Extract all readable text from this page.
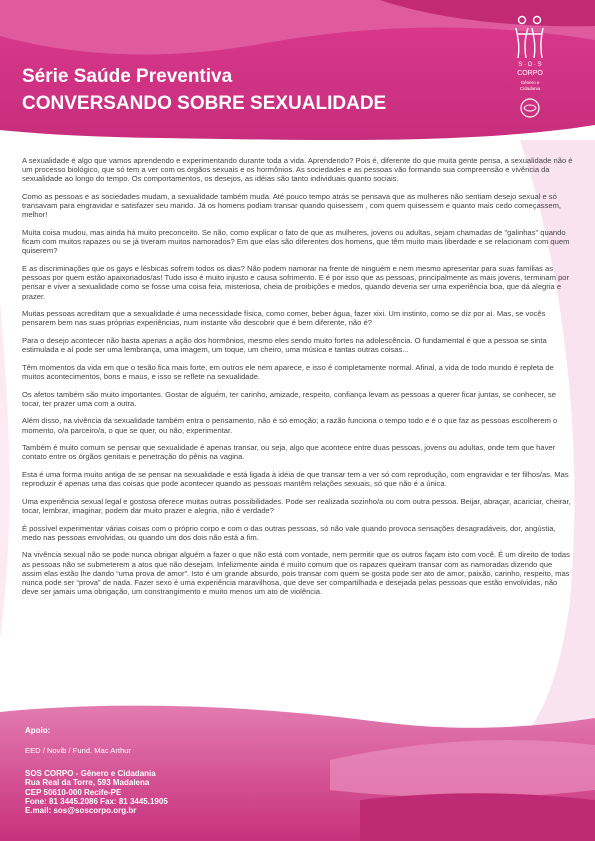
Série Saúde Preventiva
CONVERSANDO SOBRE SEXUALIDADE
S · O · S
CORPO
Gênero e
Cidadania

A sexualidade é algo que vamos aprendendo e experimentando durante toda a vida. Aprendendo? Pois é, diferente do que muita gente pensa, a sexualidade não é um processo biológico, que só tem a ver com os órgãos sexuais e os hormônios. As sociedades e as pessoas vão formando sua compreensão e vivência da sexualidade ao longo do tempo. Os comportamentos, os desejos, as idéias são tanto individuais quanto sociais.

Como as pessoas e as sociedades mudam, a sexualidade também muda. Até pouco tempo atrás se pensava que as mulheres não sentiam desejo sexual e só transavam para engravidar e satisfazer seu marido. Já os homens podiam transar quando quisessem , com quem quisessem e quanto mais cedo começassem, melhor!

Muita coisa mudou, mas ainda há muito preconceito. Se não, como explicar o fato de que as mulheres, jovens ou adultas, sejam chamadas de "galinhas" quando ficam com muitos rapazes ou se já tiveram muitos namorados? Em que elas são diferentes dos homens, que têm muito mais liberdade e se relacionam com quem quiserem?

E as discriminações que os gays e lésbicas sofrem todos os dias? Não podem namorar na frente de ninguém e nem mesmo apresentar para suas famílias as pessoas por quem estão apaixonados/as! Tudo isso é muito injusto e causa sofrimento. E é por isso que as pessoas, principalmente as mais jovens, terminam por pensar e viver a sexualidade como se fosse uma coisa feia, misteriosa, cheia de proibições e medos, quando deveria ser uma experiência boa, que dá alegria e prazer.

Muitas pessoas acreditam que a sexualidade é uma necessidade física, como comer, beber água, fazer xixi. Um instinto, como se diz por aí. Mas, se vocês pensarem bem nas suas próprias experiências, num instante vão descobrir que é bem diferente, não é?

Para o desejo acontecer não basta apenas a ação dos hormônios, mesmo eles sendo muito fortes na adolescência. O fundamental é que a pessoa se sinta estimulada e aí pode ser uma lembrança, uma imagem, um toque, um cheiro, uma música e tantas outras coisas...

Têm momentos da vida em que o tesão fica mais forte, em outros ele nem aparece, e isso é completamente normal. Afinal, a vida de todo mundo é repleta de muitos acontecimentos, bons e maus, e isso se reflete na sexualidade.

Os afetos também são muito importantes. Gostar de alguém, ter carinho, amizade, respeito, confiança levam as pessoas a querer ficar juntas, se conhecer, se tocar, ter prazer uma com a outra.

Além disso, na vivência da sexualidade também entra o pensamento, não é só emoção; a razão funciona o tempo todo e é o que faz as pessoas escolherem o momento, o/a parceiro/a, o que se quer, ou não, experimentar.

Também é muito comum se pensar que sexualidade é apenas transar, ou seja, algo que acontece entre duas pessoas, jovens ou adultas, onde tem que haver contato entre os órgãos genitais e penetração do pênis na vagina.

Esta é uma forma muito antiga de se pensar na sexualidade e está ligada à idéia de que transar tem a ver só com reprodução, com engravidar e ter filhos/as. Mas reproduzir é apenas uma das coisas que pode acontecer quando as pessoas mantêm relações sexuais, só que não é a única.

Uma experiência sexual legal e gostosa oferece muitas outras possibilidades. Pode ser realizada sozinho/a ou com outra pessoa. Beijar, abraçar, acariciar, cheirar, tocar, lembrar, imaginar, podem dar muito prazer e alegria, não é verdade?

É possível experimentar várias coisas com o próprio corpo e com o das outras pessoas, só não vale quando provoca sensações desagradáveis, dor, angústia, medo nas pessoas envolvidas, ou quando um dos dois não está a fim.

Na vivência sexual não se pode nunca obrigar alguém a fazer o que não está com vontade, nem permitir que os outros façam isto com você. É um direito de todas as pessoas não se submeterem a atos que não desejam. Infelizmente ainda é muito comum que os rapazes queiram transar com as namoradas dizendo que assim elas estão lhe dando “uma prova de amor”. Isto é um grande absurdo, pois transar com quem se gosta pode ser ato de amor, paixão, carinho, respeito, mas nunca pode ser “prova” de nada. Fazer sexo é uma experiência maravilhosa, que deve ser compartilhada e desejada pelas pessoas que estão envolvidas, não deve ser jamais uma obrigação, um constrangimento e muito menos um ato de violência.

Apoio:
EED / Novib / Fund. Mac Arthur
SOS CORPO - Gênero e Cidadania
Rua Real da Torre, 593 Madalena
CEP 50610-000 Recife-PE
Fone: 81 3445.2086 Fax: 81 3445.1905
E.mail: sos@soscorpo.org.br
